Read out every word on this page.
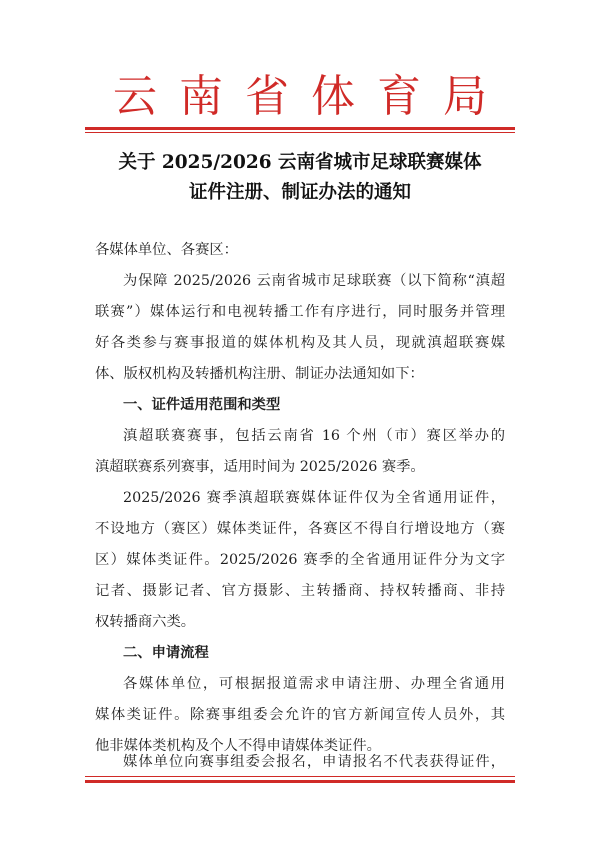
云南省体育局
关于 2025/2026 云南省城市足球联赛媒体
证件注册、制证办法的通知
各媒体单位、各赛区：
为保障 2025/2026 云南省城市足球联赛（以下简称“滇超
联赛”）媒体运行和电视转播工作有序进行，同时服务并管理
好各类参与赛事报道的媒体机构及其人员，现就滇超联赛媒
体、版权机构及转播机构注册、制证办法通知如下：
一、证件适用范围和类型
滇超联赛赛事，包括云南省 16 个州（市）赛区举办的
滇超联赛系列赛事，适用时间为 2025/2026 赛季。
2025/2026 赛季滇超联赛媒体证件仅为全省通用证件，
不设地方（赛区）媒体类证件，各赛区不得自行增设地方（赛
区）媒体类证件。2025/2026 赛季的全省通用证件分为文字
记者、摄影记者、官方摄影、主转播商、持权转播商、非持
权转播商六类。
二、申请流程
各媒体单位，可根据报道需求申请注册、办理全省通用
媒体类证件。除赛事组委会允许的官方新闻宣传人员外，其
他非媒体类机构及个人不得申请媒体类证件。
媒体单位向赛事组委会报名，申请报名不代表获得证件，
